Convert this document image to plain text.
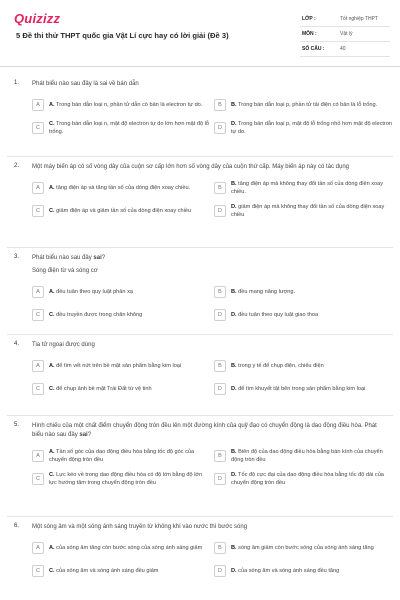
Quizizz
5 Đề thi thử THPT quốc gia Vật Lí cực hay có lời giải (Đề 3)
LỚP :	Tốt nghiệp THPT
MÔN :	Vật lý
SỐ CÂU :	40
1. Phát biểu nào sau đây là sai về bán dẫn
A	A. Trong bán dẫn loại n, phần tử dẫn có bản là electron tự do.	B	B. Trong bán dẫn loại p, phần tử tải điện có bản là lỗ trống.
C
C. Trong bán dẫn loại n, mật độ electron tự do lớn hơn mật độ lỗ trống.
D
D. Trong bán dẫn loại p, mật độ lỗ trống nhỏ hơn mật độ electron tự do.
2. Một máy biến áp có số vòng dây của cuộn sơ cấp lớn hơn số vòng dây của cuộn thứ cấp. Máy biến áp này có tác dụng
A	A. tăng điện áp và tăng tần số của dòng điện xoay chiều.	B
B. tăng điện áp mà không thay đổi tần số của dòng điện xoay chiều.
C	C. giảm điện áp và giảm tần số của dòng điện xoay chiều	D
D. giảm điện áp mà không thay đổi tần số của dòng điện xoay chiều
3. Phát biểu nào sau đây sai?
Sóng điện từ và sóng cơ
A	A. đều tuân theo quy luật phản xạ	B	B. đều mang năng lượng.
C	C. đều truyền được trong chân không	D	D. đều tuân theo quy luật giao thoa
4. Tia tử ngoại được dùng
A	A. để tìm vết nứt trên bề mặt sản phẩm bằng kim loại	B	B. trong y tế để chụp điện, chiếu điện
C	C. để chụp ảnh bề mặt Trái Đất từ vệ tinh	D	D. để tìm khuyết tật bên trong sản phẩm bằng kim loại
5. Hình chiếu của một chất điểm chuyển động tròn đều lên một đường kính của quỹ đạo có chuyển động là dao động điều hòa. Phát biểu nào sau đây sai?
A
A. Tần số góc của dao động điều hòa bằng tốc độ góc của chuyển động tròn đều
B
B. Biên độ của dao động điều hòa bằng bán kính của chuyển động tròn đều
C
C. Lực kéo về trong dao động điều hòa có độ lớn bằng độ lớn lực hướng tâm trong chuyển động tròn đều
D
D. Tốc độ cực đại của dao động điều hòa bằng tốc độ dài của chuyển động tròn đều
6. Một sóng âm và một sóng ánh sáng truyền từ không khí vào nước thì bước sóng
A	A. của sóng âm tăng còn bước sóng của sóng ánh sáng giảm	B	B. sóng âm giảm còn bước sóng của sóng ánh sáng tăng
C	C. của sóng âm và sóng ánh sáng đều giảm	D	D. của sóng âm và sóng ánh sáng đều tăng
